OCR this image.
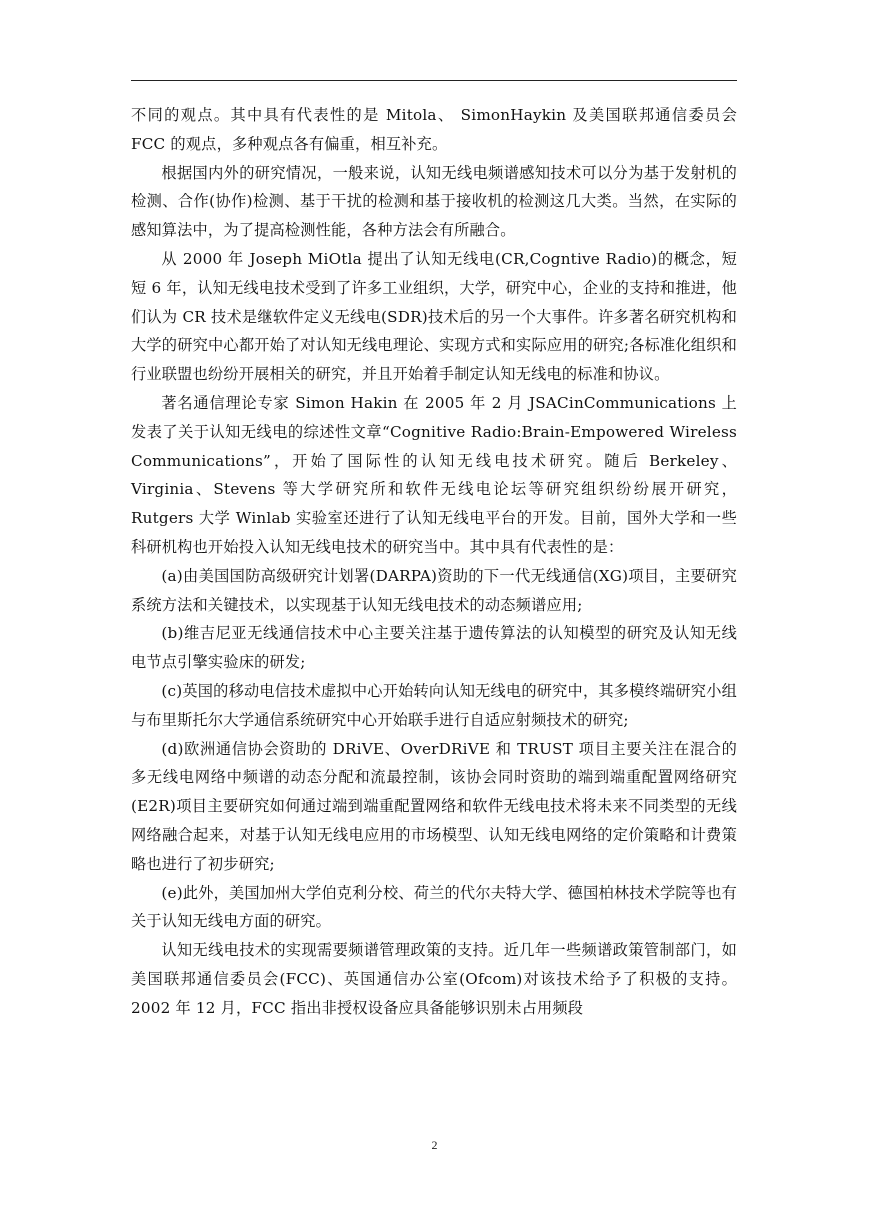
不同的观点。其中具有代表性的是 Mitola、 SimonHaykin 及美国联邦通信委员会 FCC 的观点，多种观点各有偏重，相互补充。

根据国内外的研究情况，一般来说，认知无线电频谱感知技术可以分为基于发射机的检测、合作(协作)检测、基于干扰的检测和基于接收机的检测这几大类。当然，在实际的感知算法中，为了提高检测性能，各种方法会有所融合。

从 2000 年 Joseph MiOtla 提出了认知无线电(CR,Cogntive Radio)的概念，短短 6 年，认知无线电技术受到了许多工业组织，大学，研究中心，企业的支持和推进，他们认为 CR 技术是继软件定义无线电(SDR)技术后的另一个大事件。许多著名研究机构和大学的研究中心都开始了对认知无线电理论、实现方式和实际应用的研究;各标准化组织和行业联盟也纷纷开展相关的研究，并且开始着手制定认知无线电的标准和协议。

著名通信理论专家 Simon Hakin 在 2005 年 2 月 JSACinCommunications 上发表了关于认知无线电的综述性文章“Cognitive Radio:Brain-Empowered Wireless Communications”，开始了国际性的认知无线电技术研究。随后 Berkeley、Virginia、Stevens 等大学研究所和软件无线电论坛等研究组织纷纷展开研究，Rutgers 大学 Winlab 实验室还进行了认知无线电平台的开发。目前，国外大学和一些科研机构也开始投入认知无线电技术的研究当中。其中具有代表性的是：

(a)由美国国防高级研究计划署(DARPA)资助的下一代无线通信(XG)项目，主要研究系统方法和关键技术，以实现基于认知无线电技术的动态频谱应用;

(b)维吉尼亚无线通信技术中心主要关注基于遗传算法的认知模型的研究及认知无线电节点引擎实验床的研发;

(c)英国的移动电信技术虚拟中心开始转向认知无线电的研究中，其多模终端研究小组与布里斯托尔大学通信系统研究中心开始联手进行自适应射频技术的研究;

(d)欧洲通信协会资助的 DRiVE、OverDRiVE 和 TRUST 项目主要关注在混合的多无线电网络中频谱的动态分配和流最控制，该协会同时资助的端到端重配置网络研究(E2R)项目主要研究如何通过端到端重配置网络和软件无线电技术将未来不同类型的无线网络融合起来，对基于认知无线电应用的市场模型、认知无线电网络的定价策略和计费策略也进行了初步研究;

(e)此外，美国加州大学伯克利分校、荷兰的代尔夫特大学、德国柏林技术学院等也有关于认知无线电方面的研究。

认知无线电技术的实现需要频谱管理政策的支持。近几年一些频谱政策管制部门，如美国联邦通信委员会(FCC)、英国通信办公室(Ofcom)对该技术给予了积极的支持。2002 年 12 月，FCC 指出非授权设备应具备能够识别未占用频段

2
